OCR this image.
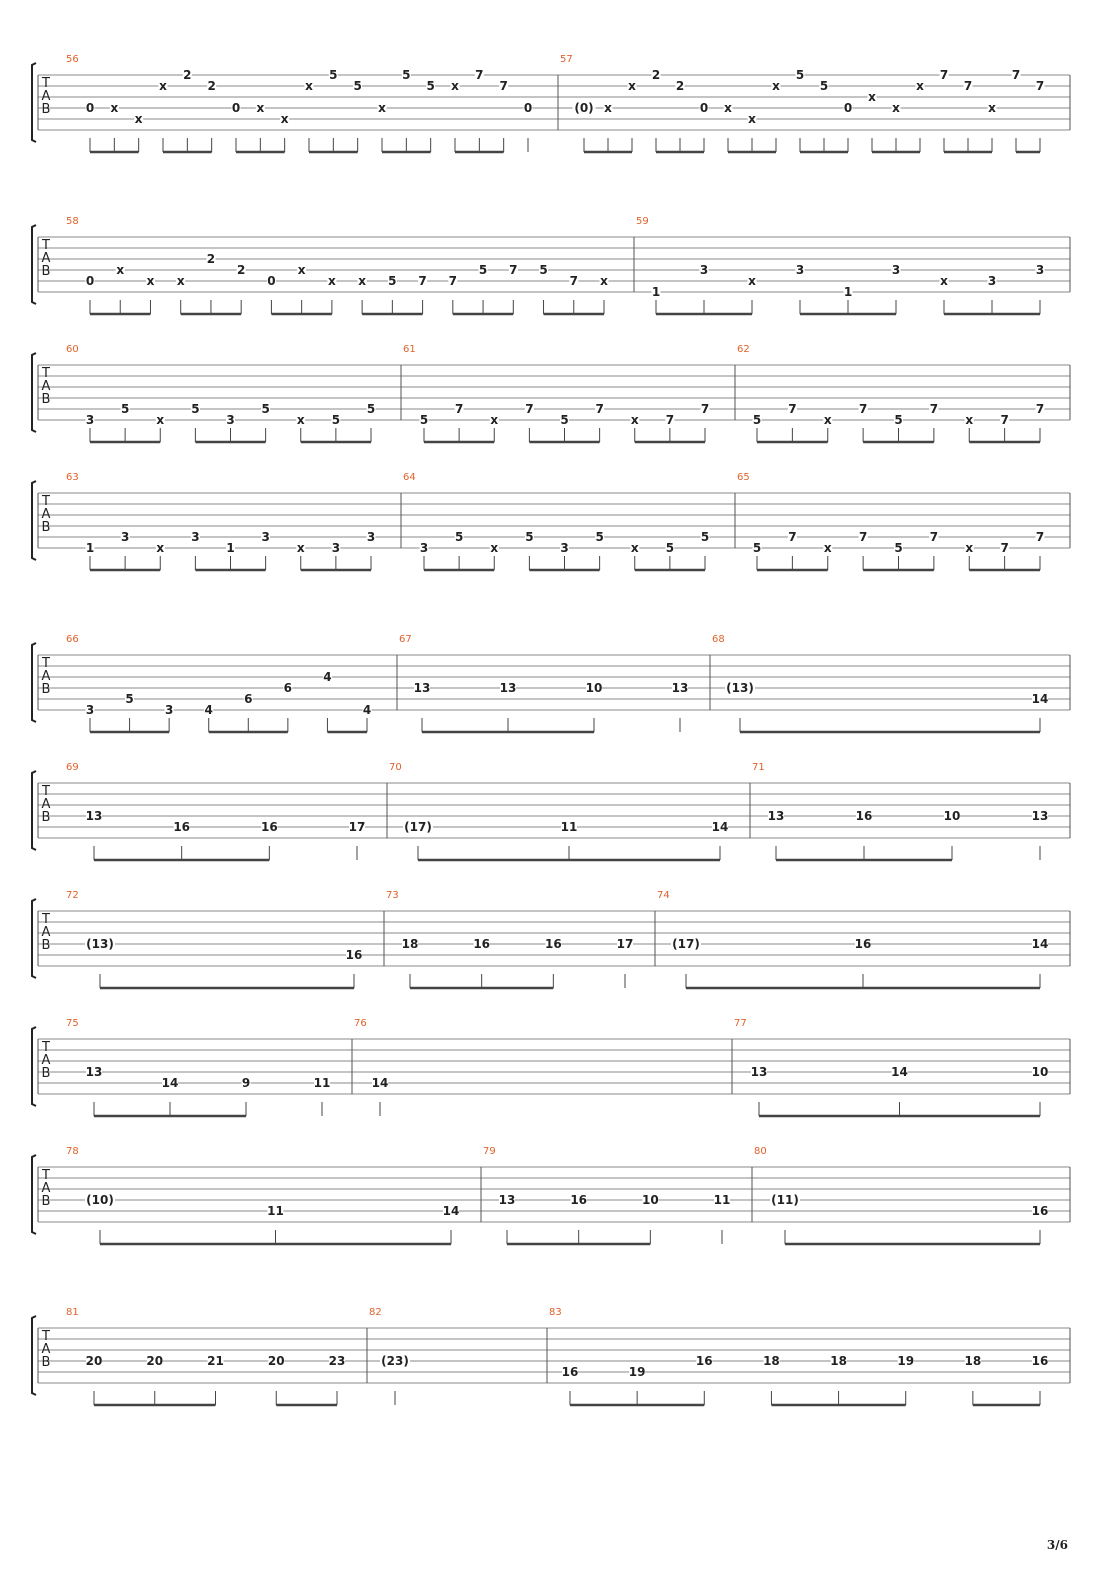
T
A
B
56
0 x
x
x
2
2
0 x
x
x
5
5
x
5
5 x
7
7
0
57
(0) x
x
2
2
0 x
x
x
5
5
0
x
x
x
7
7
x
7
7
T
A
B
58
0
x
x x
2
2
0
x
x x 5 7 7
5 7 5
7 x
59
1
3
x
3
1
3
x	3
3
T
A
B
60
3
5
x
5
3
5
x 5
5
61
5
7
x
7
5
7
x 7
7
62
5
7
x
7
5
7
x 7
7
T
A
B
63
1
3
x
3
1
3
x 3
3
64
3
5
x
5
3
5
x 5
5
65
5
7
x
7
5
7
x 7
7
T
A
B
66
3
5
3	4
6
6
4
4
67
13	13	10	13
68
(13)
14
T
A
B
69
13
16	16	17
70
(17)	11	14
71
13	16	10	13
T
A
B
72
(13)
16
73
18	16	16	17
74
(17)	16	14
T
A
B
75
13
14	9	11
76
14
77
13	14	10
T
A
B
78
(10)
11	14
79
13	16	10	11
80
(11)
16
T
A
B
81
20	20	21	20	23
82
(23)
83
16	19
16	18	18	19	18	16
3/6
